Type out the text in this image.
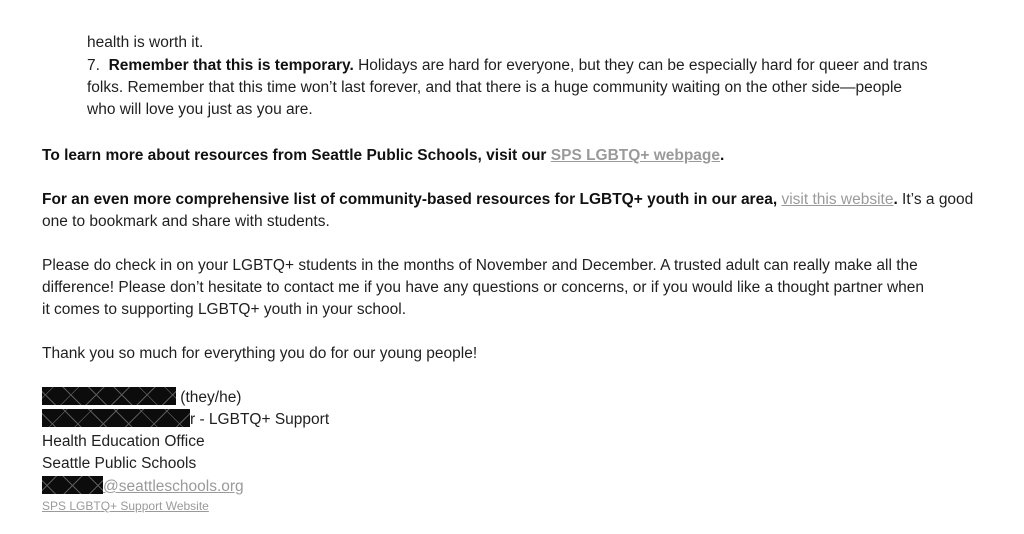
health is worth it.
7. Remember that this is temporary. Holidays are hard for everyone, but they can be especially hard for queer and trans
folks. Remember that this time won’t last forever, and that there is a huge community waiting on the other side—people
who will love you just as you are.
To learn more about resources from Seattle Public Schools, visit our SPS LGBTQ+ webpage.
For an even more comprehensive list of community-based resources for LGBTQ+ youth in our area, visit this website. It’s a good
one to bookmark and share with students.
Please do check in on your LGBTQ+ students in the months of November and December. A trusted adult can really make all the
difference! Please don’t hesitate to contact me if you have any questions or concerns, or if you would like a thought partner when
it comes to supporting LGBTQ+ youth in your school.
Thank you so much for everything you do for our young people!
(they/he)
r - LGBTQ+ Support
Health Education Office
Seattle Public Schools
@seattleschools.org
SPS LGBTQ+ Support Website
